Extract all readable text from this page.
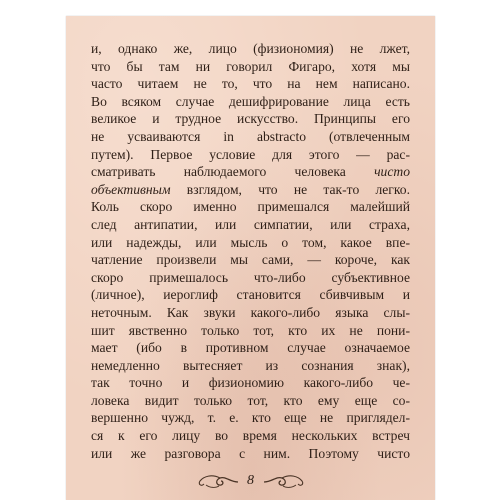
и, однако же, лицо (физиономия) не лжет,
что бы там ни говорил Фигаро, хотя мы
часто читаем не то, что на нем написано.
Во всяком случае дешифрирование лица есть
великое и трудное искусство. Принципы его
не усваиваются in abstracto (отвлеченным
путем). Первое условие для этого — рас-
сматривать наблюдаемого человека чисто
объективным взглядом, что не так-то легко.
Коль скоро именно примешался малейший
след антипатии, или симпатии, или страха,
или надежды, или мысль о том, какое впе-
чатление произвели мы сами, — короче, как
скоро примешалось что-либо субъективное
(личное), иероглиф становится сбивчивым и
неточным. Как звуки какого-либо языка слы-
шит явственно только тот, кто их не пони-
мает (ибо в противном случае означаемое
немедленно вытесняет из сознания знак),
так точно и физиономию какого-либо че-
ловека видит только тот, кто ему еще со-
вершенно чужд, т. е. кто еще не приглядел-
ся к его лицу во время нескольких встреч
или же разговора с ним. Поэтому чисто
8
